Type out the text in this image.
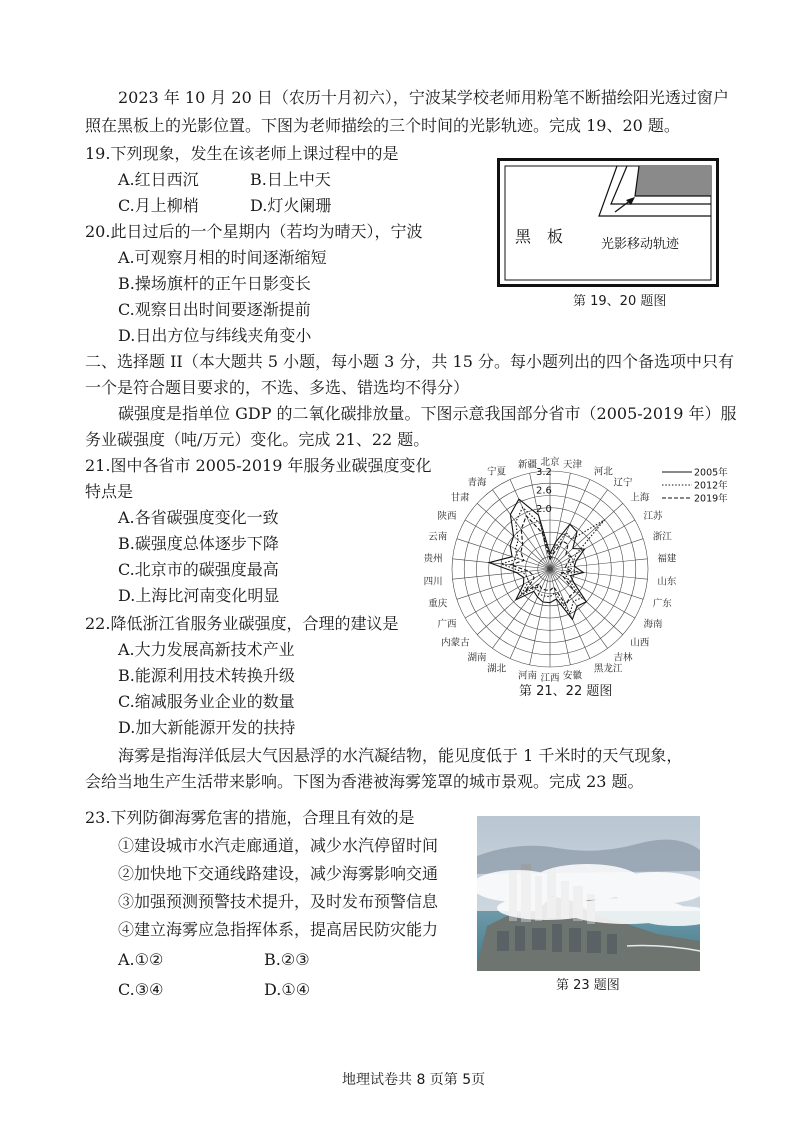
2023 年 10 月 20 日（农历十月初六），宁波某学校老师用粉笔不断描绘阳光透过窗户
照在黑板上的光影位置。下图为老师描绘的三个时间的光影轨迹。完成 19、20 题。
19.下列现象，发生在该老师上课过程中的是
A.红日西沉	B.日上中天
C.月上柳梢	D.灯火阑珊
20.此日过后的一个星期内（若均为晴天），宁波
A.可观察月相的时间逐渐缩短
B.操场旗杆的正午日影变长
C.观察日出时间要逐渐提前
D.日出方位与纬线夹角变小
黑　板	光影移动轨迹
第 19、20 题图
二、选择题 II（本大题共 5 小题，每小题 3 分，共 15 分。每小题列出的四个备选项中只有
一个是符合题目要求的，不选、多选、错选均不得分）
碳强度是指单位 GDP 的二氧化碳排放量。下图示意我国部分省市（2005-2019 年）服
务业碳强度（吨/万元）变化。完成 21、22 题。
21.图中各省市 2005-2019 年服务业碳强度变化
特点是
A.各省碳强度变化一致
B.碳强度总体逐步下降
C.北京市的碳强度最高
D.上海比河南变化明显
22.降低浙江省服务业碳强度，合理的建议是
A.大力发展高新技术产业
B.能源利用技术转换升级
C.缩减服务业企业的数量
D.加大新能源开发的扶持
北京 天津
河北
辽宁
上海
江苏
浙江
福建
山东
广东
海南
山西
吉林
黑龙江
安徽
江西
河南
湖北
湖南
内蒙古
广西
重庆
四川
贵州
云南
陕西
甘肃
青海
宁夏
新疆
3.2
2.6
2.0
2005年
2012年
2019年
第 21、22 题图
海雾是指海洋低层大气因悬浮的水汽凝结物，能见度低于 1 千米时的天气现象，
会给当地生产生活带来影响。下图为香港被海雾笼罩的城市景观。完成 23 题。
23.下列防御海雾危害的措施，合理且有效的是
①建设城市水汽走廊通道，减少水汽停留时间
②加快地下交通线路建设，减少海雾影响交通
③加强预测预警技术提升，及时发布预警信息
④建立海雾应急指挥体系，提高居民防灾能力
A.①②	B.②③
C.③④	D.①④	第 23 题图
地理试卷共 8 页第 5页
